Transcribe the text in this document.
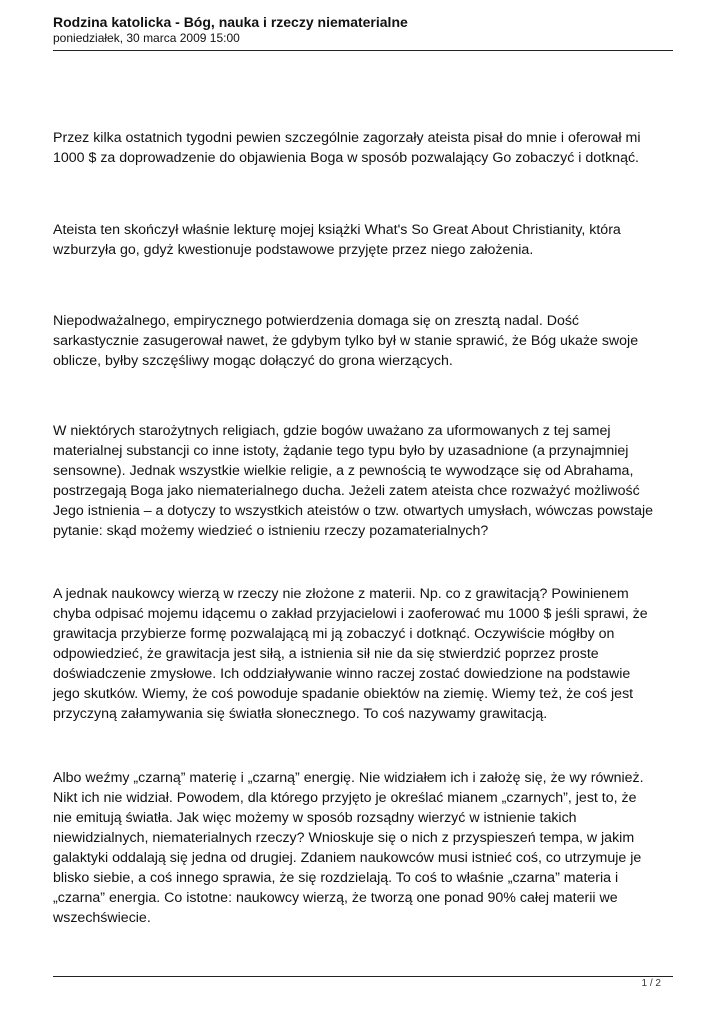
Rodzina katolicka - Bóg, nauka i rzeczy niematerialne

poniedziałek, 30 marca 2009 15:00

Przez kilka ostatnich tygodni pewien szczególnie zagorzały ateista pisał do mnie i oferował mi
1000 $ za doprowadzenie do objawienia Boga w sposób pozwalający Go zobaczyć i dotknąć.

Ateista ten skończył właśnie lekturę mojej książki What's So Great About Christianity, która
wzburzyła go, gdyż kwestionuje podstawowe przyjęte przez niego założenia.

Niepodważalnego, empirycznego potwierdzenia domaga się on zresztą nadal. Dość
sarkastycznie zasugerował nawet, że gdybym tylko był w stanie sprawić, że Bóg ukaże swoje
oblicze, byłby szczęśliwy mogąc dołączyć do grona wierzących.

W niektórych starożytnych religiach, gdzie bogów uważano za uformowanych z tej samej
materialnej substancji co inne istoty, żądanie tego typu było by uzasadnione (a przynajmniej
sensowne). Jednak wszystkie wielkie religie, a z pewnością te wywodzące się od Abrahama,
postrzegają Boga jako niematerialnego ducha. Jeżeli zatem ateista chce rozważyć możliwość
Jego istnienia – a dotyczy to wszystkich ateistów o tzw. otwartych umysłach, wówczas powstaje
pytanie: skąd możemy wiedzieć o istnieniu rzeczy pozamaterialnych?

A jednak naukowcy wierzą w rzeczy nie złożone z materii. Np. co z grawitacją? Powinienem
chyba odpisać mojemu idącemu o zakład przyjacielowi i zaoferować mu 1000 $ jeśli sprawi, że
grawitacja przybierze formę pozwalającą mi ją zobaczyć i dotknąć. Oczywiście mógłby on
odpowiedzieć, że grawitacja jest siłą, a istnienia sił nie da się stwierdzić poprzez proste
doświadczenie zmysłowe. Ich oddziaływanie winno raczej zostać dowiedzione na podstawie
jego skutków. Wiemy, że coś powoduje spadanie obiektów na ziemię. Wiemy też, że coś jest
przyczyną załamywania się światła słonecznego. To coś nazywamy grawitacją.

Albo weźmy „czarną” materię i „czarną” energię. Nie widziałem ich i założę się, że wy również.
Nikt ich nie widział. Powodem, dla którego przyjęto je określać mianem „czarnych”, jest to, że
nie emitują światła. Jak więc możemy w sposób rozsądny wierzyć w istnienie takich
niewidzialnych, niematerialnych rzeczy? Wnioskuje się o nich z przyspieszeń tempa, w jakim
galaktyki oddalają się jedna od drugiej. Zdaniem naukowców musi istnieć coś, co utrzymuje je
blisko siebie, a coś innego sprawia, że się rozdzielają. To coś to właśnie „czarna” materia i
„czarna” energia. Co istotne: naukowcy wierzą, że tworzą one ponad 90% całej materii we
wszechświecie.

1 / 2
